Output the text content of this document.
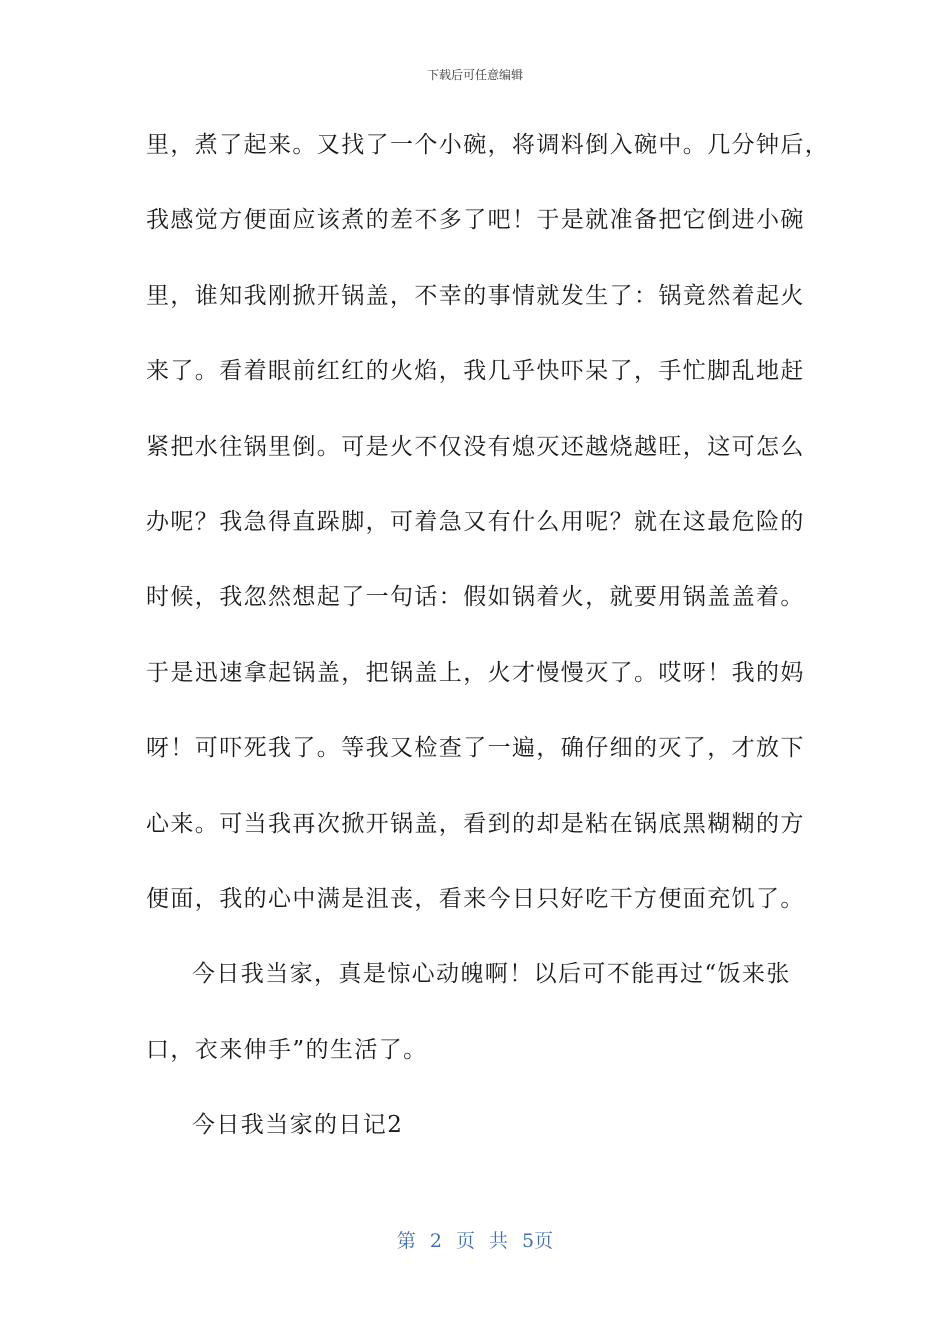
下载后可任意编辑
里，煮了起来。又找了一个小碗，将调料倒入碗中。几分钟后，
我感觉方便面应该煮的差不多了吧！于是就准备把它倒进小碗
里，谁知我刚掀开锅盖，不幸的事情就发生了：锅竟然着起火
来了。看着眼前红红的火焰，我几乎快吓呆了，手忙脚乱地赶
紧把水往锅里倒。可是火不仅没有熄灭还越烧越旺，这可怎么
办呢？我急得直跺脚，可着急又有什么用呢？就在这最危险的
时候，我忽然想起了一句话：假如锅着火，就要用锅盖盖着。
于是迅速拿起锅盖，把锅盖上，火才慢慢灭了。哎呀！我的妈
呀！可吓死我了。等我又检查了一遍，确仔细的灭了，才放下
心来。可当我再次掀开锅盖，看到的却是粘在锅底黑糊糊的方
便面，我的心中满是沮丧，看来今日只好吃干方便面充饥了。
今日我当家，真是惊心动魄啊！以后可不能再过“饭来张
口，衣来伸手”的生活了。
今日我当家的日记2
第 2 页 共 5页
